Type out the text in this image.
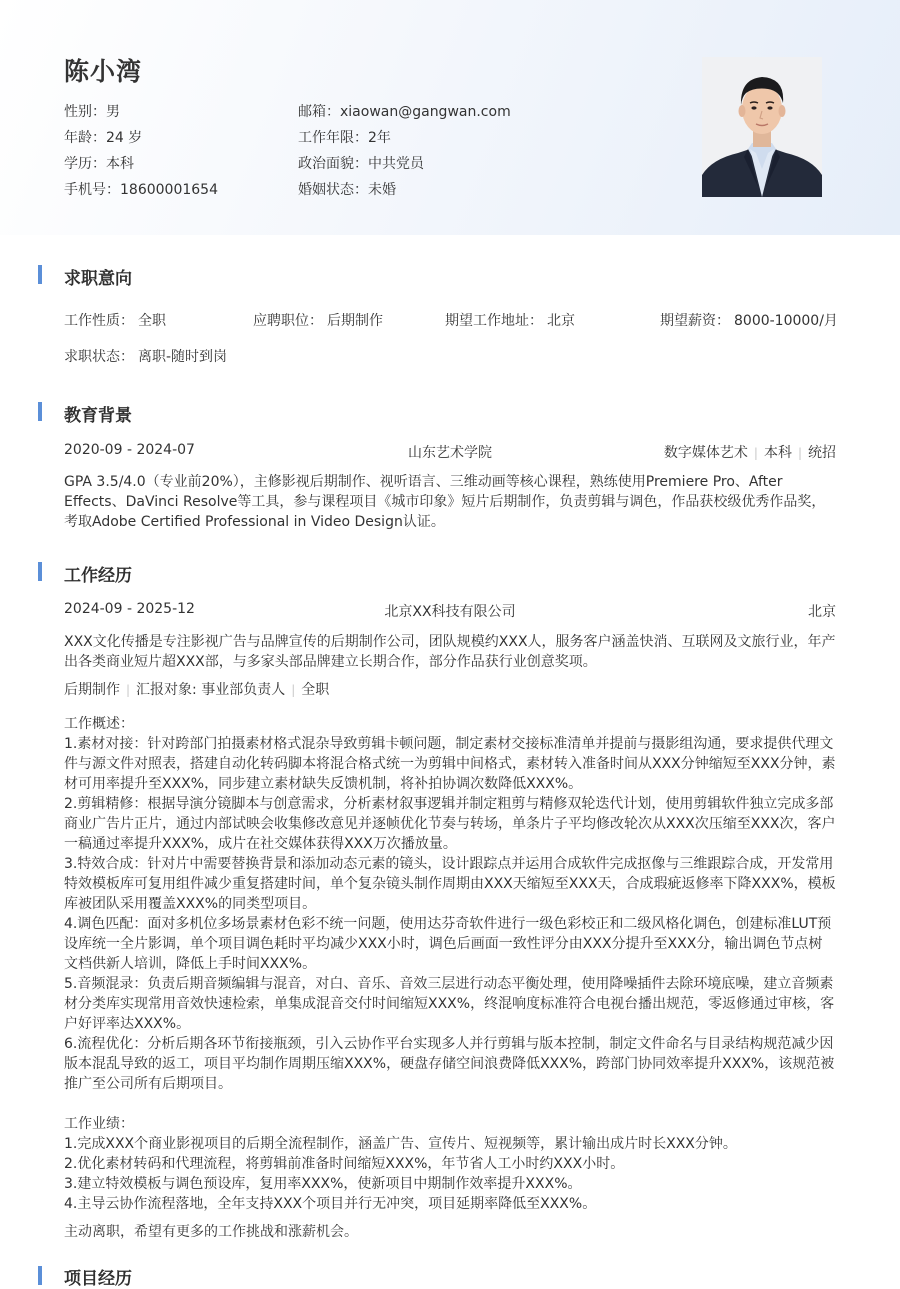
陈小湾
性别：男
年龄：24 岁
学历：本科
手机号：18600001654
邮箱：xiaowan@gangwan.com
工作年限：2年
政治面貌：中共党员
婚姻状态：未婚
求职意向
工作性质： 全职	应聘职位： 后期制作	期望工作地址： 北京	期望薪资： 8000-10000/月
求职状态： 离职-随时到岗
教育背景
2020-09 - 2024-07	山东艺术学院	数字媒体艺术 | 本科 | 统招
GPA 3.5/4.0（专业前20%），主修影视后期制作、视听语言、三维动画等核心课程，熟练使用Premiere Pro、After Effects、DaVinci Resolve等工具，参与课程项目《城市印象》短片后期制作，负责剪辑与调色，作品获校级优秀作品奖，考取Adobe Certified Professional in Video Design认证。
工作经历
2024-09 - 2025-12	北京XX科技有限公司	北京
XXX文化传播是专注影视广告与品牌宣传的后期制作公司，团队规模约XXX人，服务客户涵盖快消、互联网及文旅行业，年产出各类商业短片超XXX部，与多家头部品牌建立长期合作，部分作品获行业创意奖项。
后期制作 | 汇报对象: 事业部负责人 | 全职
工作概述：
1.素材对接：针对跨部门拍摄素材格式混杂导致剪辑卡顿问题，制定素材交接标准清单并提前与摄影组沟通，要求提供代理文件与源文件对照表，搭建自动化转码脚本将混合格式统一为剪辑中间格式，素材转入准备时间从XXX分钟缩短至XXX分钟，素材可用率提升至XXX%，同步建立素材缺失反馈机制，将补拍协调次数降低XXX%。
2.剪辑精修：根据导演分镜脚本与创意需求，分析素材叙事逻辑并制定粗剪与精修双轮迭代计划，使用剪辑软件独立完成多部商业广告片正片，通过内部试映会收集修改意见并逐帧优化节奏与转场，单条片子平均修改轮次从XXX次压缩至XXX次，客户一稿通过率提升XXX%，成片在社交媒体获得XXX万次播放量。
3.特效合成：针对片中需要替换背景和添加动态元素的镜头，设计跟踪点并运用合成软件完成抠像与三维跟踪合成，开发常用特效模板库可复用组件减少重复搭建时间，单个复杂镜头制作周期由XXX天缩短至XXX天，合成瑕疵返修率下降XXX%，模板库被团队采用覆盖XXX%的同类型项目。
4.调色匹配：面对多机位多场景素材色彩不统一问题，使用达芬奇软件进行一级色彩校正和二级风格化调色，创建标准LUT预设库统一全片影调，单个项目调色耗时平均减少XXX小时，调色后画面一致性评分由XXX分提升至XXX分，输出调色节点树文档供新人培训，降低上手时间XXX%。
5.音频混录：负责后期音频编辑与混音，对白、音乐、音效三层进行动态平衡处理，使用降噪插件去除环境底噪，建立音频素材分类库实现常用音效快速检索，单集成混音交付时间缩短XXX%，终混响度标准符合电视台播出规范，零返修通过审核，客户好评率达XXX%。
6.流程优化：分析后期各环节衔接瓶颈，引入云协作平台实现多人并行剪辑与版本控制，制定文件命名与目录结构规范减少因版本混乱导致的返工，项目平均制作周期压缩XXX%，硬盘存储空间浪费降低XXX%，跨部门协同效率提升XXX%，该规范被推广至公司所有后期项目。
工作业绩：
1.完成XXX个商业影视项目的后期全流程制作，涵盖广告、宣传片、短视频等，累计输出成片时长XXX分钟。
2.优化素材转码和代理流程，将剪辑前准备时间缩短XXX%，年节省人工小时约XXX小时。
3.建立特效模板与调色预设库，复用率XXX%，使新项目中期制作效率提升XXX%。
4.主导云协作流程落地，全年支持XXX个项目并行无冲突，项目延期率降低至XXX%。
主动离职，希望有更多的工作挑战和涨薪机会。
项目经历
